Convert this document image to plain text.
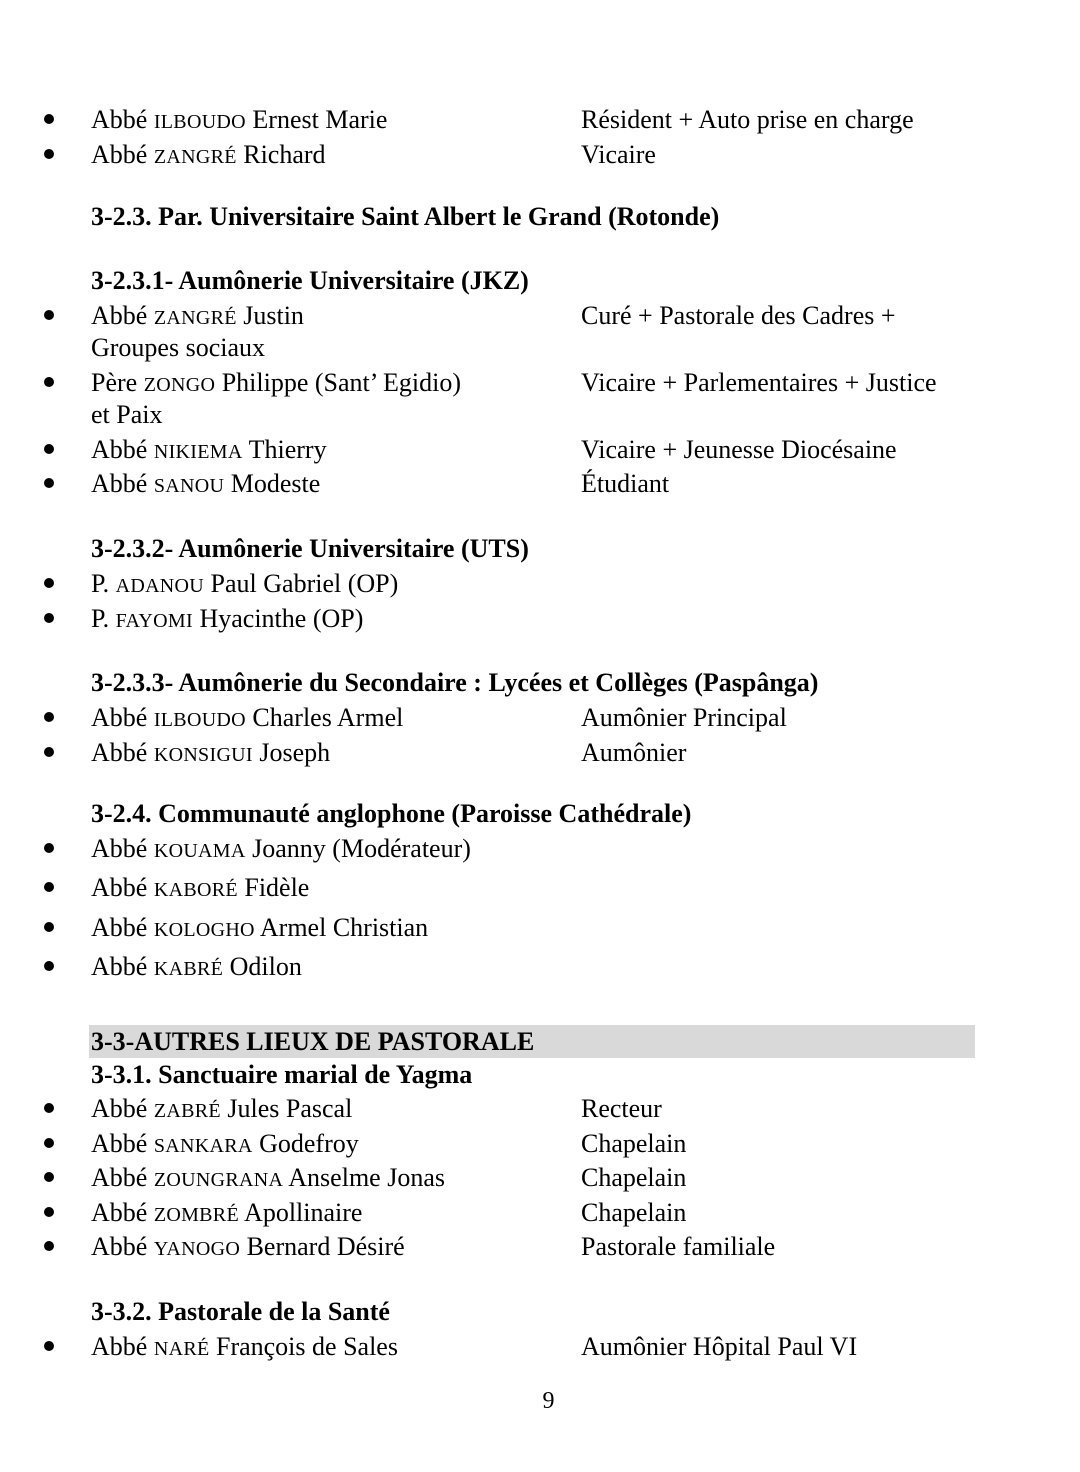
Abbé ILBOUDO Ernest Marie	Résident + Auto prise en charge
Abbé ZANGRÉ Richard	Vicaire
3-2.3. Par. Universitaire Saint Albert le Grand (Rotonde)
3-2.3.1- Aumônerie Universitaire (JKZ)
Abbé ZANGRÉ Justin	Curé + Pastorale des Cadres +
Groupes sociaux
Père ZONGO Philippe (Sant’ Egidio)	Vicaire + Parlementaires + Justice
et Paix
Abbé NIKIEMA Thierry	Vicaire + Jeunesse Diocésaine
Abbé SANOU Modeste	Étudiant
3-2.3.2- Aumônerie Universitaire (UTS)
P. ADANOU Paul Gabriel (OP)
P. FAYOMI Hyacinthe (OP)
3-2.3.3- Aumônerie du Secondaire : Lycées et Collèges (Paspânga)
Abbé ILBOUDO Charles Armel	Aumônier Principal
Abbé KONSIGUI Joseph	Aumônier
3-2.4. Communauté anglophone (Paroisse Cathédrale)
Abbé KOUAMA Joanny (Modérateur)
Abbé KABORÉ Fidèle
Abbé KOLOGHO Armel Christian
Abbé KABRÉ Odilon
3-3-AUTRES LIEUX DE PASTORALE
3-3.1. Sanctuaire marial de Yagma
Abbé ZABRÉ Jules Pascal	Recteur
Abbé SANKARA Godefroy	Chapelain
Abbé ZOUNGRANA Anselme Jonas	Chapelain
Abbé ZOMBRÉ Apollinaire	Chapelain
Abbé YANOGO Bernard Désiré	Pastorale familiale
3-3.2. Pastorale de la Santé
Abbé NARÉ François de Sales	Aumônier Hôpital Paul VI
9
